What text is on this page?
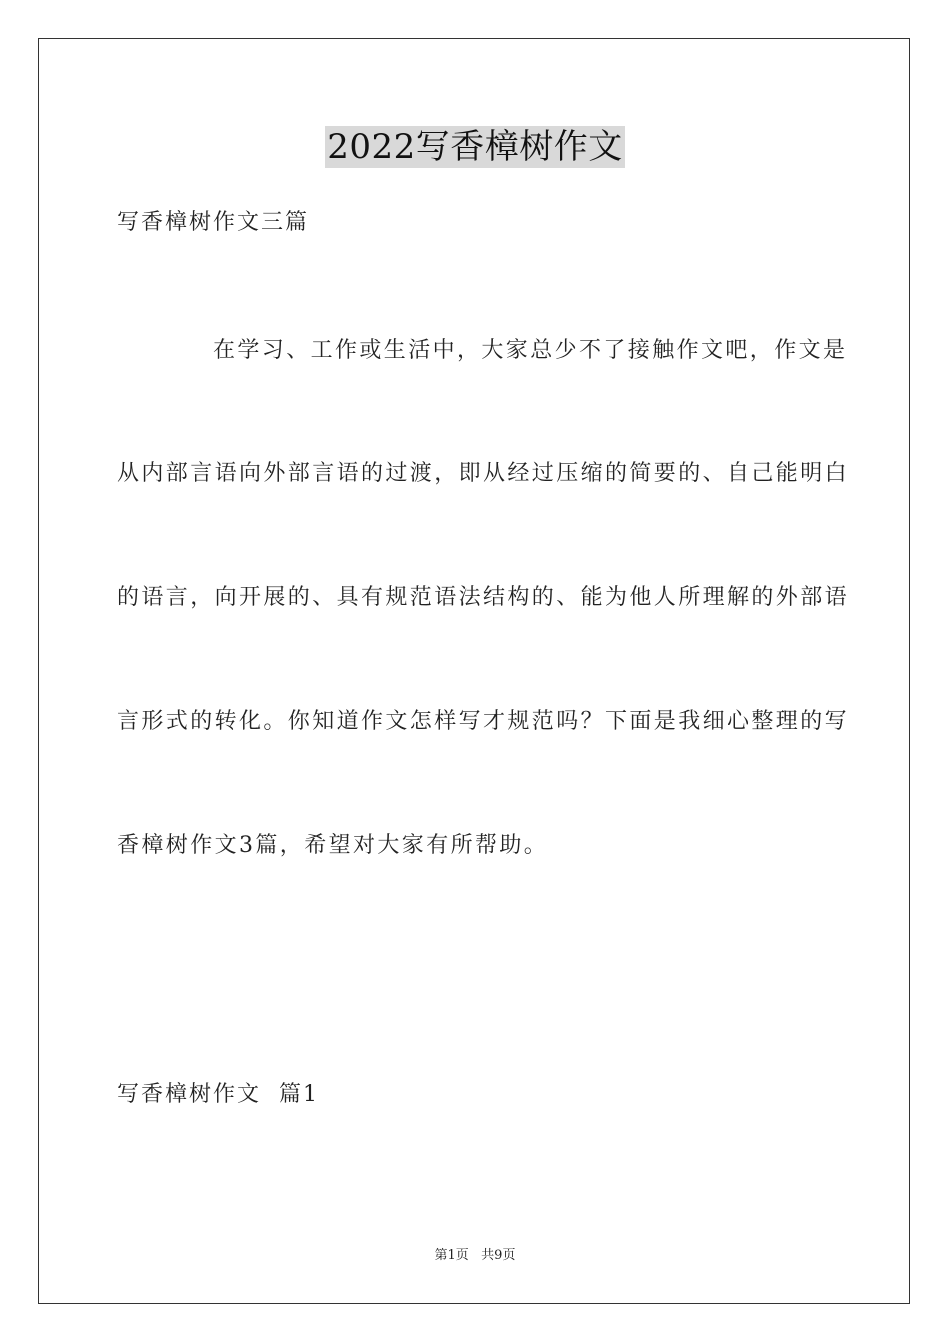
2022写香樟树作文
写香樟树作文三篇
在学习、工作或生活中，大家总少不了接触作文吧，作文是
从内部言语向外部言语的过渡，即从经过压缩的简要的、自己能明白
的语言，向开展的、具有规范语法结构的、能为他人所理解的外部语
言形式的转化。你知道作文怎样写才规范吗？下面是我细心整理的写
香樟树作文3篇，希望对大家有所帮助。
写香樟树作文  篇1
第1页   共9页
